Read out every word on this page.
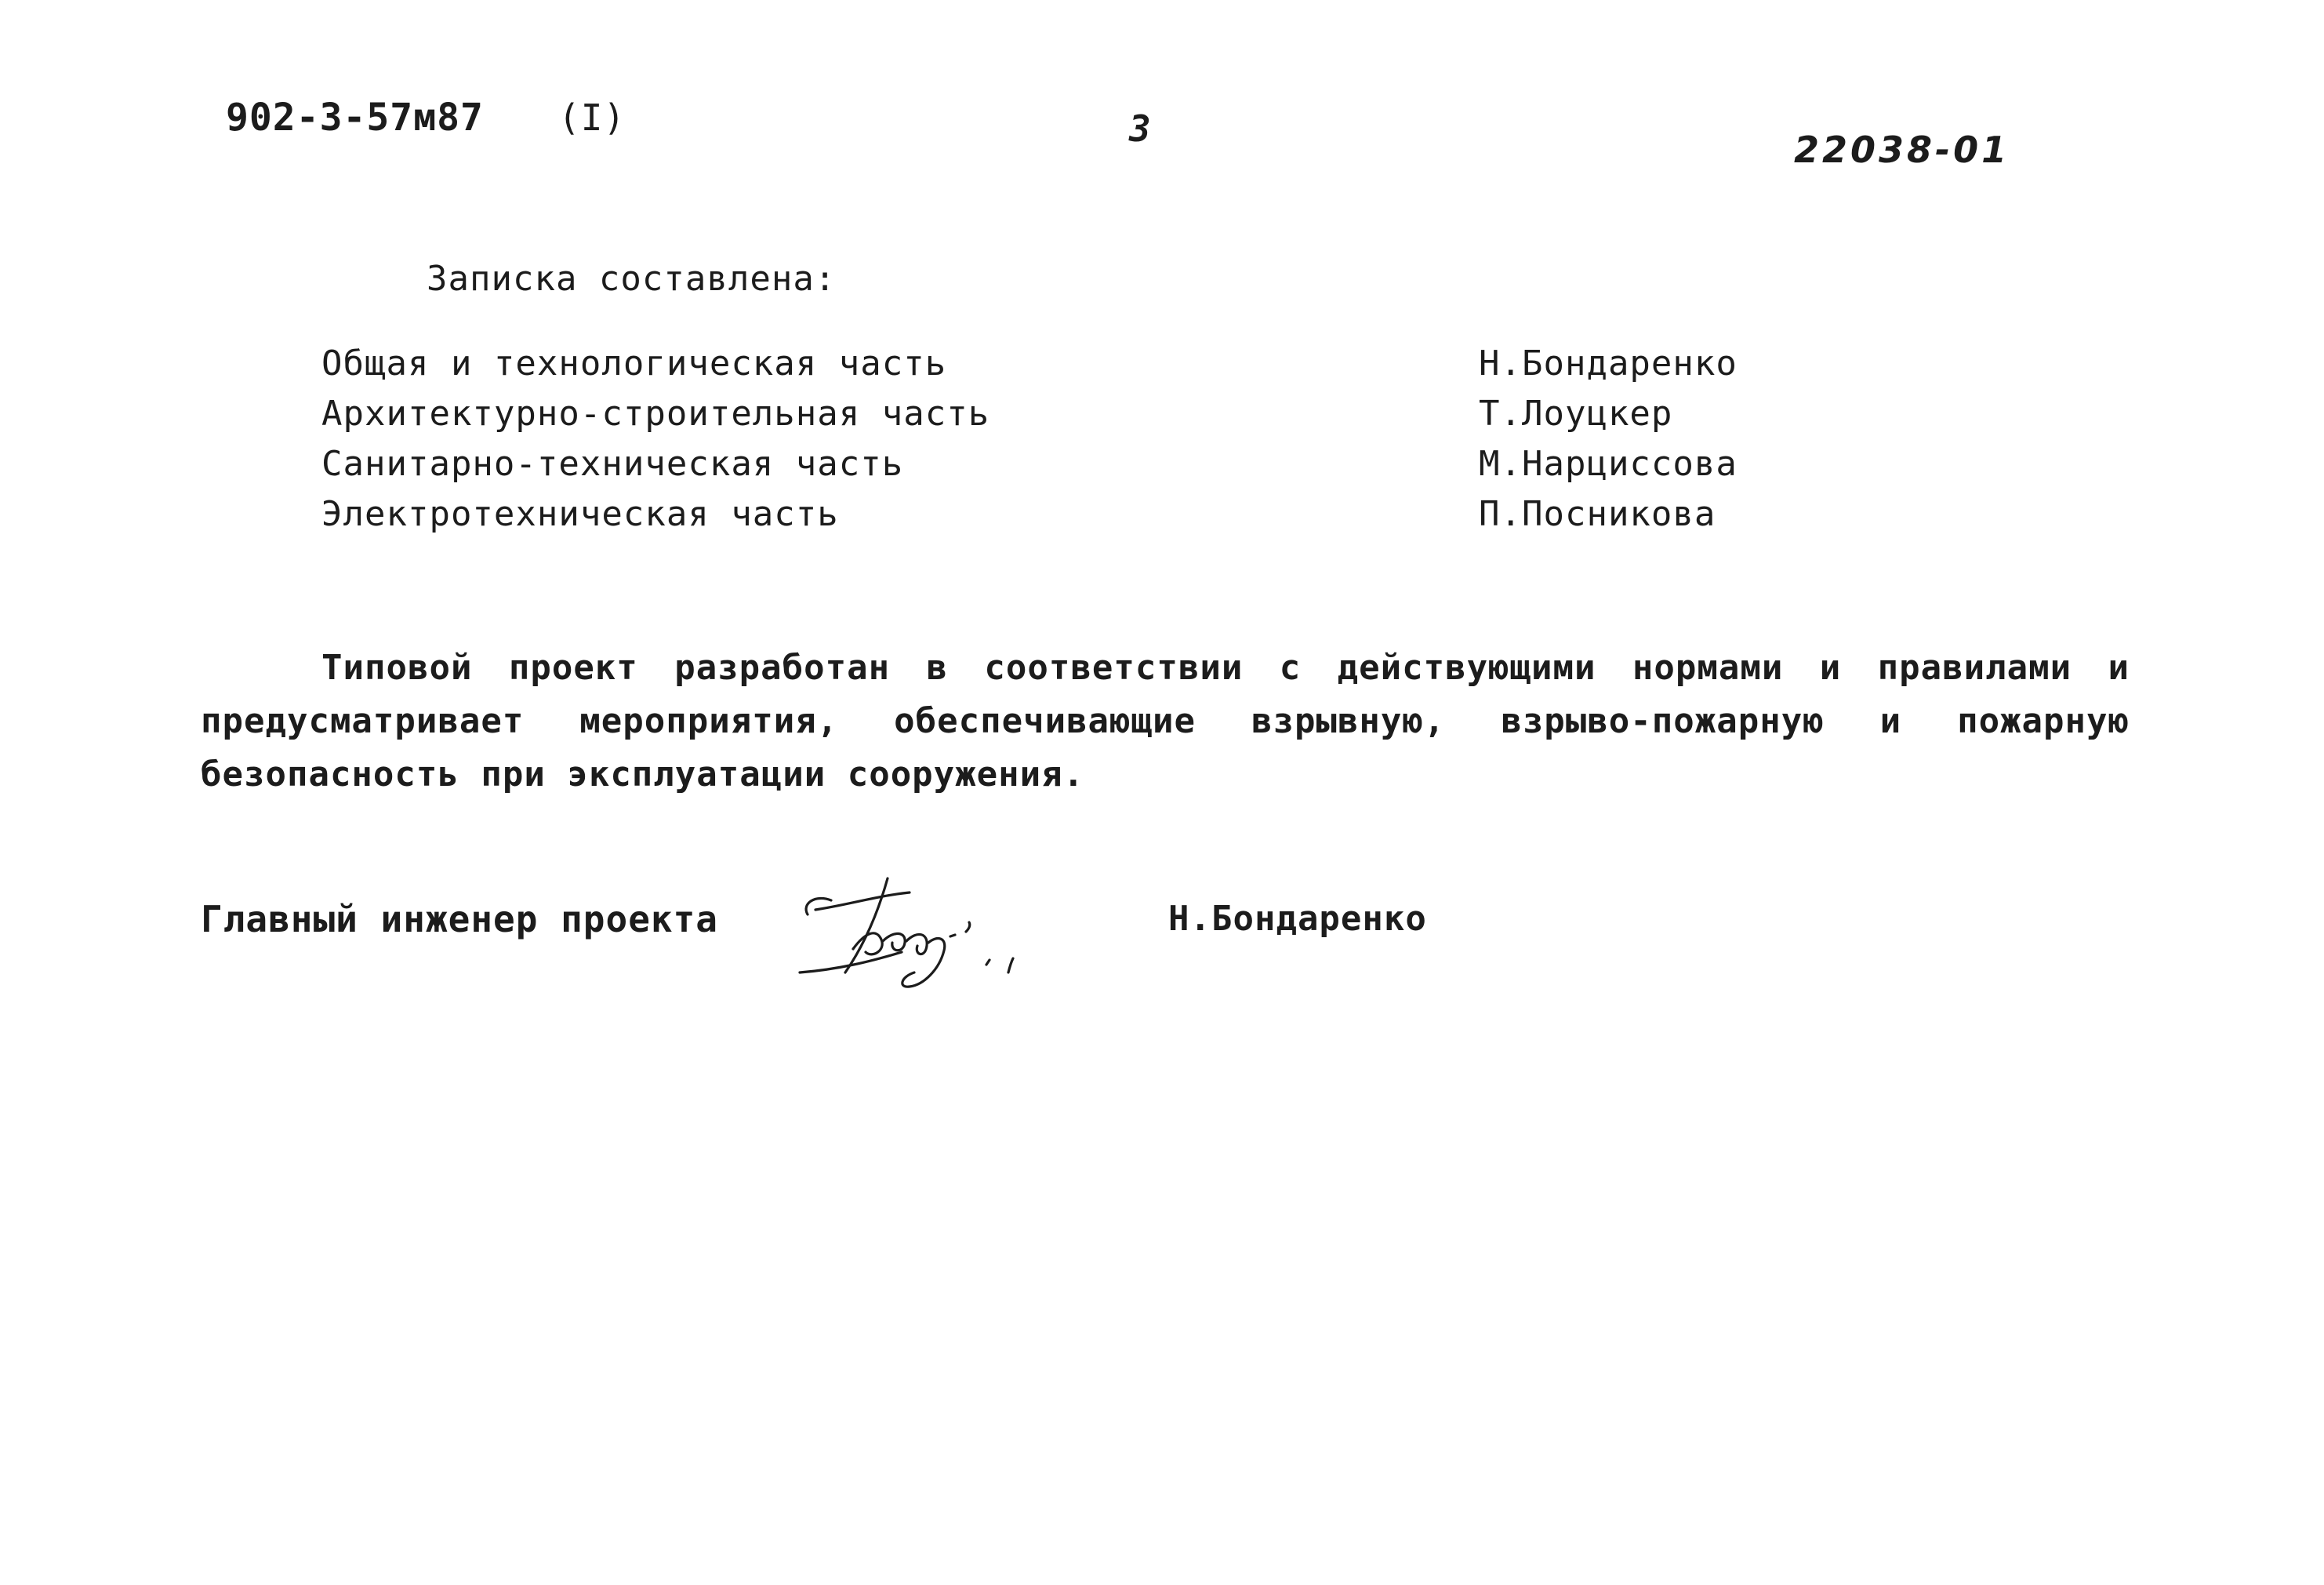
902-3-57м87 (I)	3	22038-01
Записка составлена:
Общая и технологическая часть	Н.Бондаренко
Архитектурно-строительная часть	Т.Лоуцкер
Санитарно-техническая часть	М.Нарциссова
Электротехническая часть	П.Посникова
Типовой проект разработан в соответствии с действующими нормами и правилами и предусматривает мероприятия, обеспечивающие взрывную, взрыво-пожарную и пожарную безопасность при эксплуатации сооружения.
Главный инженер проекта	Н.Бондаренко
